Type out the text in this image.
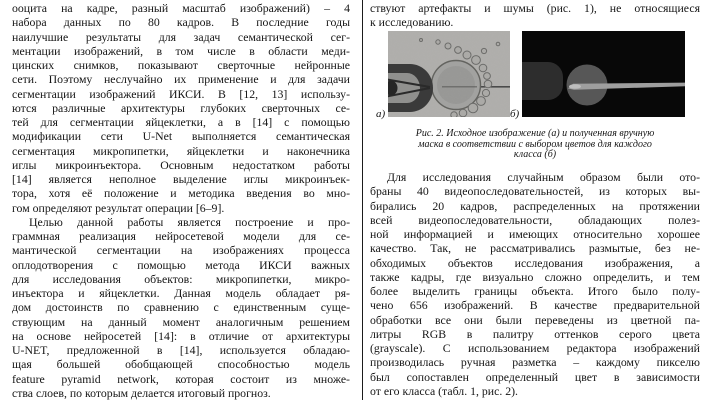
ооцита на кадре, разный масштаб изображений) – 4
набора данных по 80 кадров. В последние годы
наилучшие результаты для задач семантической сег-
ментации изображений, в том числе в области меди-
цинских снимков, показывают сверточные нейронные
сети. Поэтому неслучайно их применение и для задачи
сегментации изображений ИКСИ. В [12, 13] использу-
ются различные архитектуры глубоких сверточных се-
тей для сегментации яйцеклетки, а в [14] с помощью
модификации сети U-Net выполняется семантическая
сегментация микропипетки, яйцеклетки и наконечника
иглы микроинъектора. Основным недостатком работы
[14] является неполное выделение иглы микроинъек-
тора, хотя её положение и методика введения во мно-
гом определяют результат операции [6–9].
Целью данной работы является построение и про-
граммная реализация нейросетевой модели для се-
мантической сегментации на изображениях процесса
оплодотворения с помощью метода ИКСИ важных
для исследования объектов: микропипетки, микро-
инъектора и яйцеклетки. Данная модель обладает ря-
дом достоинств по сравнению с единственным суще-
ствующим на данный момент аналогичным решением
на основе нейросетей [14]: в отличие от архитектуры
U-NET, предложенной в [14], используется обладаю-
щая большей обобщающей способностью модель
feature pyramid network, которая состоит из множе-
ства слоев, по которым делается итоговый прогноз.
ствуют артефакты и шумы (рис. 1), не относящиеся
к исследованию.
а)	б)
Рис. 2. Исходное изображение (а) и полученная вручную
маска в соответствии с выбором цветов для каждого
класса (б)
Для исследования случайным образом были ото-
браны 40 видеопоследовательностей, из которых вы-
бирались 20 кадров, распределенных на протяжении
всей видеопоследовательности, обладающих полез-
ной информацией и имеющих относительно хорошее
качество. Так, не рассматривались размытые, без не-
обходимых объектов исследования изображения, а
также кадры, где визуально сложно определить, и тем
более выделить границы объекта. Итого было полу-
чено 656 изображений. В качестве предварительной
обработки все они были переведены из цветной па-
литры RGB в палитру оттенков серого цвета
(grayscale). С использованием редактора изображений
производилась ручная разметка – каждому пикселю
был сопоставлен определенный цвет в зависимости
от его класса (табл. 1, рис. 2).
